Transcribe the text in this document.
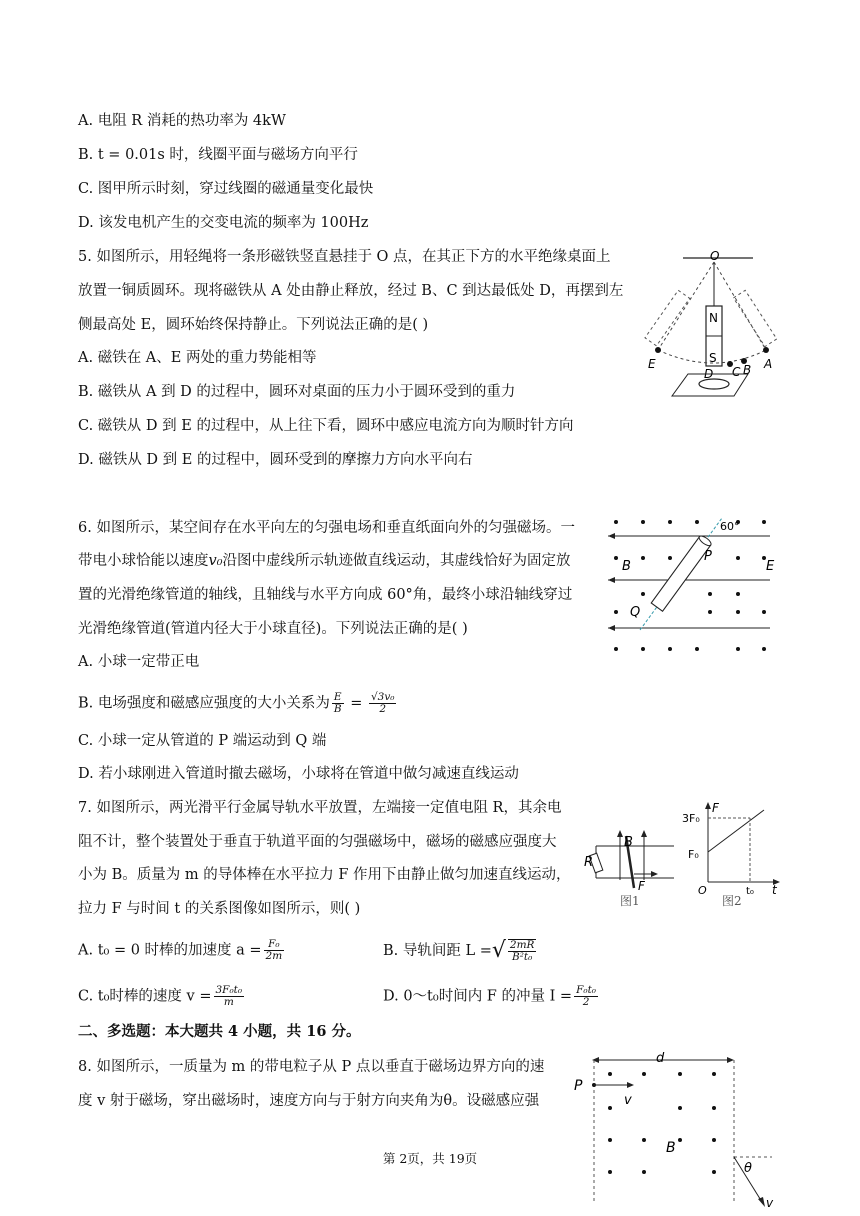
A. 电阻 R 消耗的热功率为 4kW
B. t = 0.01s 时，线圈平面与磁场方向平行
C. 图甲所示时刻，穿过线圈的磁通量变化最快
D. 该发电机产生的交变电流的频率为 100Hz
5. 如图所示，用轻绳将一条形磁铁竖直悬挂于 O 点，在其正下方的水平绝缘桌面上
放置一铜质圆环。现将磁铁从 A 处由静止释放，经过 B、C 到达最低处 D，再摆到左
侧最高处 E，圆环始终保持静止。下列说法正确的是( )
A. 磁铁在 A、E 两处的重力势能相等
B. 磁铁从 A 到 D 的过程中，圆环对桌面的压力小于圆环受到的重力
C. 磁铁从 D 到 E 的过程中，从上往下看，圆环中感应电流方向为顺时针方向
D. 磁铁从 D 到 E 的过程中，圆环受到的摩擦力方向水平向右
O
N
S
E
D C B A
6. 如图所示，某空间存在水平向左的匀强电场和垂直纸面向外的匀强磁场。一
带电小球恰能以速度v₀沿图中虚线所示轨迹做直线运动，其虚线恰好为固定放
置的光滑绝缘管道的轴线，且轴线与水平方向成 60°角，最终小球沿轴线穿过
光滑绝缘管道(管道内径大于小球直径)。下列说法正确的是( )
A. 小球一定带正电
B. 电场强度和磁感应强度的大小关系为 $\frac{E}{B} = \frac{\text{√3v₀}}{2}$
C. 小球一定从管道的 P 端运动到 Q 端
D. 若小球刚进入管道时撤去磁场，小球将在管道中做匀减速直线运动
60°
P
B	E
Q
7. 如图所示，两光滑平行金属导轨水平放置，左端接一定值电阻 R，其余电
阻不计，整个装置处于垂直于轨道平面的匀强磁场中，磁场的磁感应强度大
小为 B。质量为 m 的导体棒在水平拉力 F 作用下由静止做匀加速直线运动，
拉力 F 与时间 t 的关系图像如图所示，则( )
A. t₀ = 0 时棒的加速度 $a = \frac{\text{F₀}}{2m}$	B. 导轨间距 L =√ $\frac{2mR}{\text{B²t₀}}$
C. t₀时棒的速度 $v = \frac{\text{3F₀t₀}}{m}$	D. 0～t₀时间内 F 的冲量 $I = \frac{\text{F₀t₀}}{2}$
B
R
F
F
3F₀
F₀
O	t₀ t
图1	图2
二、多选题：本大题共 4 小题，共 16 分。
8. 如图所示，一质量为 m 的带电粒子从 P 点以垂直于磁场边界方向的速
度 v 射于磁场，穿出磁场时，速度方向与于射方向夹角为θ。设磁感应强
d
P
v
B
θ
v
第 2页，共 19页
